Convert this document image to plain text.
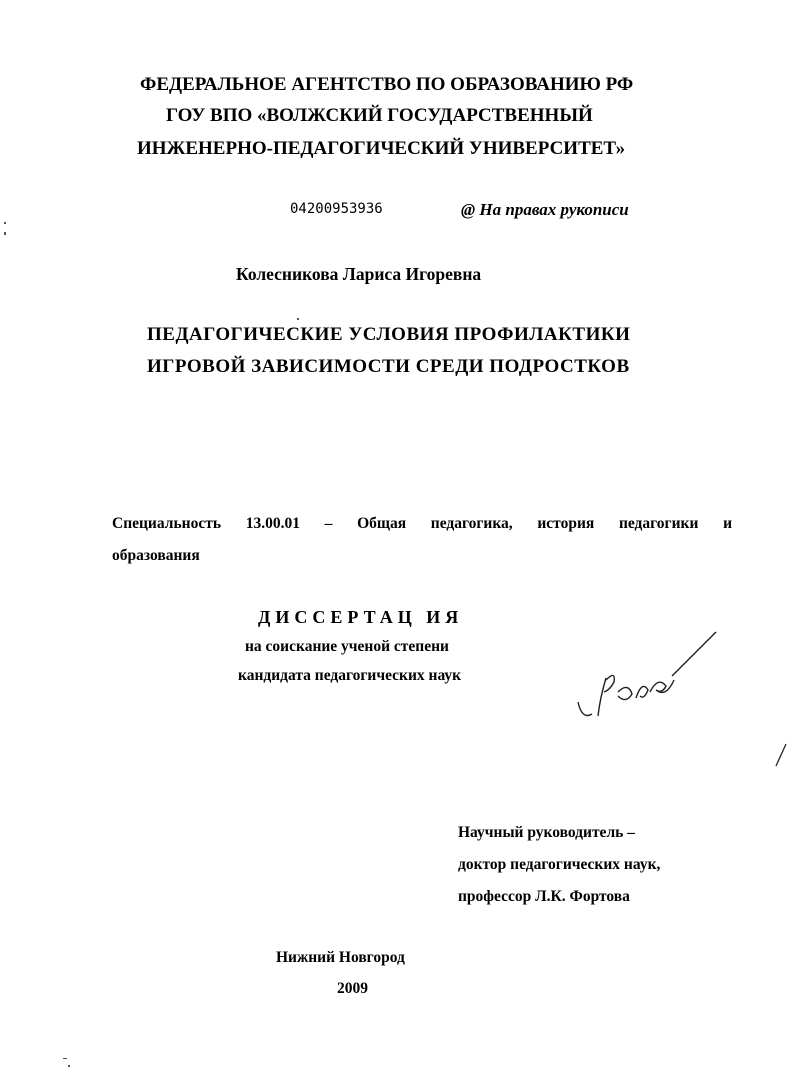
ФЕДЕРАЛЬНОЕ АГЕНТСТВО ПО ОБРАЗОВАНИЮ РФ
ГОУ ВПО «ВОЛЖСКИЙ ГОСУДАРСТВЕННЫЙ
ИНЖЕНЕРНО-ПЕДАГОГИЧЕСКИЙ УНИВЕРСИТЕТ»
04200953936	@ На правах рукописи
Колесникова Лариса Игоревна
ПЕДАГОГИЧЕСКИЕ УСЛОВИЯ ПРОФИЛАКТИКИ
ИГРОВОЙ ЗАВИСИМОСТИ СРЕДИ ПОДРОСТКОВ
Специальность 13.00.01 – Общая педагогика, история педагогики и
образования
ДИССЕРТАЦ ИЯ
на соискание ученой степени
кандидата педагогических наук
Научный руководитель –
доктор педагогических наук,
профессор Л.К. Фортова
Нижний Новгород
2009
